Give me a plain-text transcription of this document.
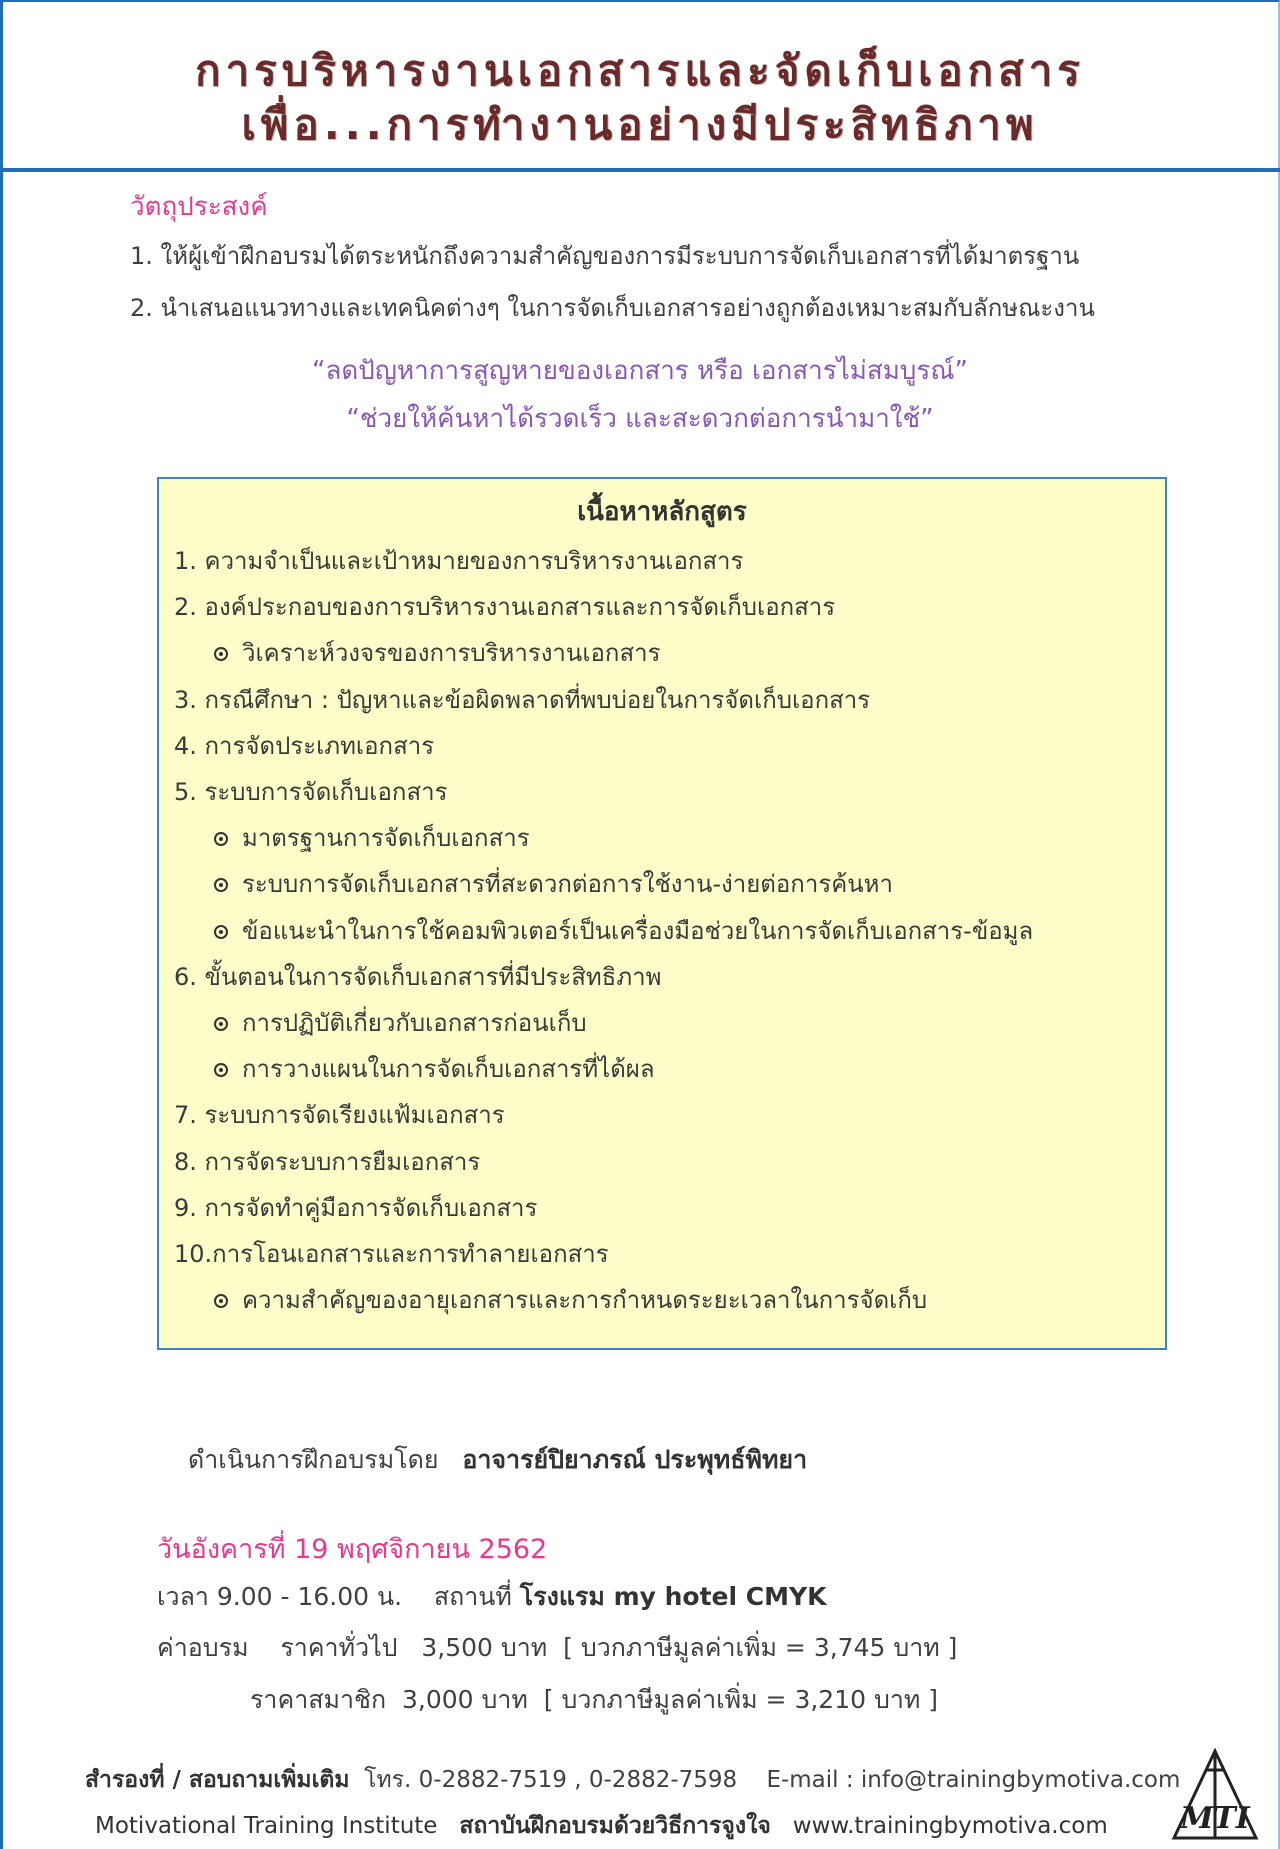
การบริหารงานเอกสารและจัดเก็บเอกสาร
เพื่อ...การทำงานอย่างมีประสิทธิภาพ
วัตถุประสงค์
1. ให้ผู้เข้าฝึกอบรมได้ตระหนักถึงความสำคัญของการมีระบบการจัดเก็บเอกสารที่ได้มาตรฐาน
2. นำเสนอแนวทางและเทคนิคต่างๆ ในการจัดเก็บเอกสารอย่างถูกต้องเหมาะสมกับลักษณะงาน
“ลดปัญหาการสูญหายของเอกสาร หรือ เอกสารไม่สมบูรณ์”
“ช่วยให้ค้นหาได้รวดเร็ว และสะดวกต่อการนำมาใช้”
เนื้อหาหลักสูตร
1. ความจำเป็นและเป้าหมายของการบริหารงานเอกสาร
2. องค์ประกอบของการบริหารงานเอกสารและการจัดเก็บเอกสาร
วิเคราะห์วงจรของการบริหารงานเอกสาร
3. กรณีศึกษา : ปัญหาและข้อผิดพลาดที่พบบ่อยในการจัดเก็บเอกสาร
4. การจัดประเภทเอกสาร
5. ระบบการจัดเก็บเอกสาร
มาตรฐานการจัดเก็บเอกสาร
ระบบการจัดเก็บเอกสารที่สะดวกต่อการใช้งาน-ง่ายต่อการค้นหา
ข้อแนะนำในการใช้คอมพิวเตอร์เป็นเครื่องมือช่วยในการจัดเก็บเอกสาร-ข้อมูล
6. ขั้นตอนในการจัดเก็บเอกสารที่มีประสิทธิภาพ
การปฏิบัติเกี่ยวกับเอกสารก่อนเก็บ
การวางแผนในการจัดเก็บเอกสารที่ได้ผล
7. ระบบการจัดเรียงแฟ้มเอกสาร
8. การจัดระบบการยืมเอกสาร
9. การจัดทำคู่มือการจัดเก็บเอกสาร
10.การโอนเอกสารและการทำลายเอกสาร
ความสำคัญของอายุเอกสารและการกำหนดระยะเวลาในการจัดเก็บ
ดำเนินการฝึกอบรมโดย อาจารย์ปิยาภรณ์ ประพุทธ์พิทยา
วันอังคารที่ 19 พฤศจิกายน 2562
เวลา 9.00 - 16.00 น. สถานที่ โรงแรม my hotel CMYK
ค่าอบรม ราคาทั่วไป   3,500 บาท  [ บวกภาษีมูลค่าเพิ่ม = 3,745 บาท ]
ราคาสมาชิก  3,000 บาท  [ บวกภาษีมูลค่าเพิ่ม = 3,210 บาท ]
สำรองที่ / สอบถามเพิ่มเติม โทร. 0-2882-7519 , 0-2882-7598 E-mail : info@trainingbymotiva.com
Motivational Training Institute สถาบันฝึกอบรมด้วยวิธีการจูงใจ www.trainingbymotiva.com MTI
